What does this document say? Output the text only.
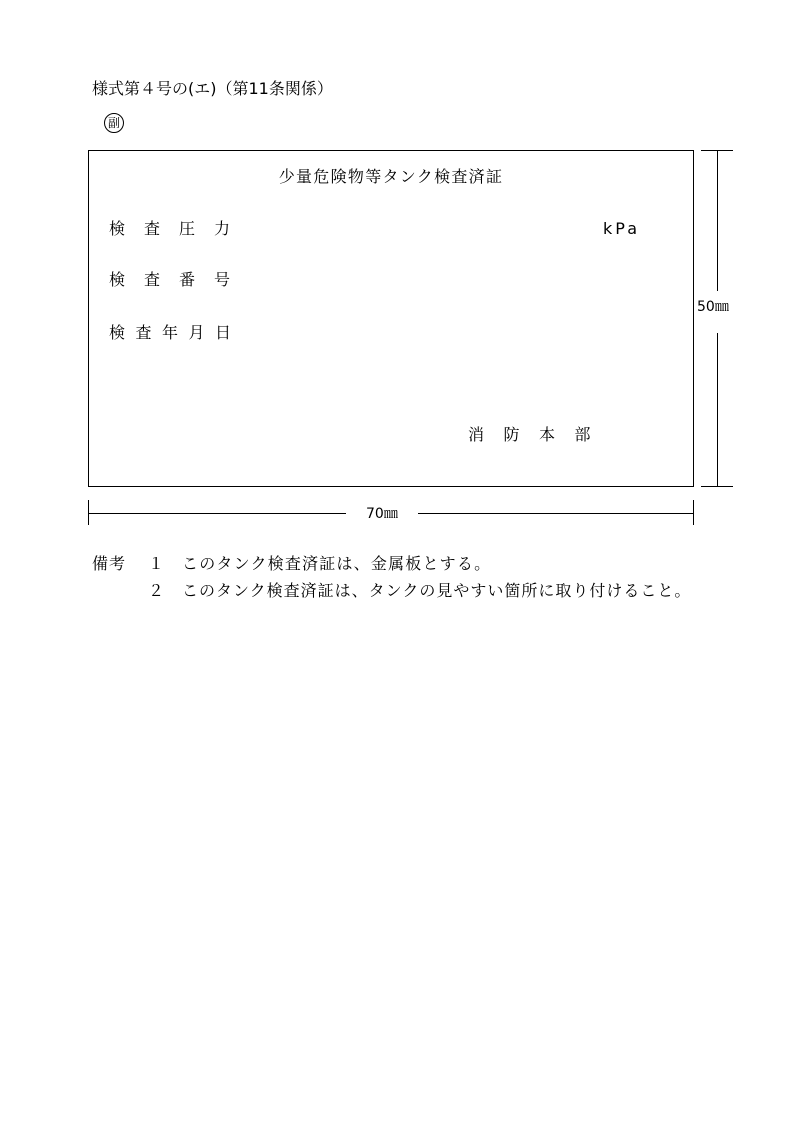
様式第４号の(エ)（第11条関係）
副
少量危険物等タンク検査済証
検査圧力	kPa
検査番号
検査年月日
消防本部
50㎜
70㎜
備考 １ このタンク検査済証は、金属板とする。
２ このタンク検査済証は、タンクの見やすい箇所に取り付けること。
